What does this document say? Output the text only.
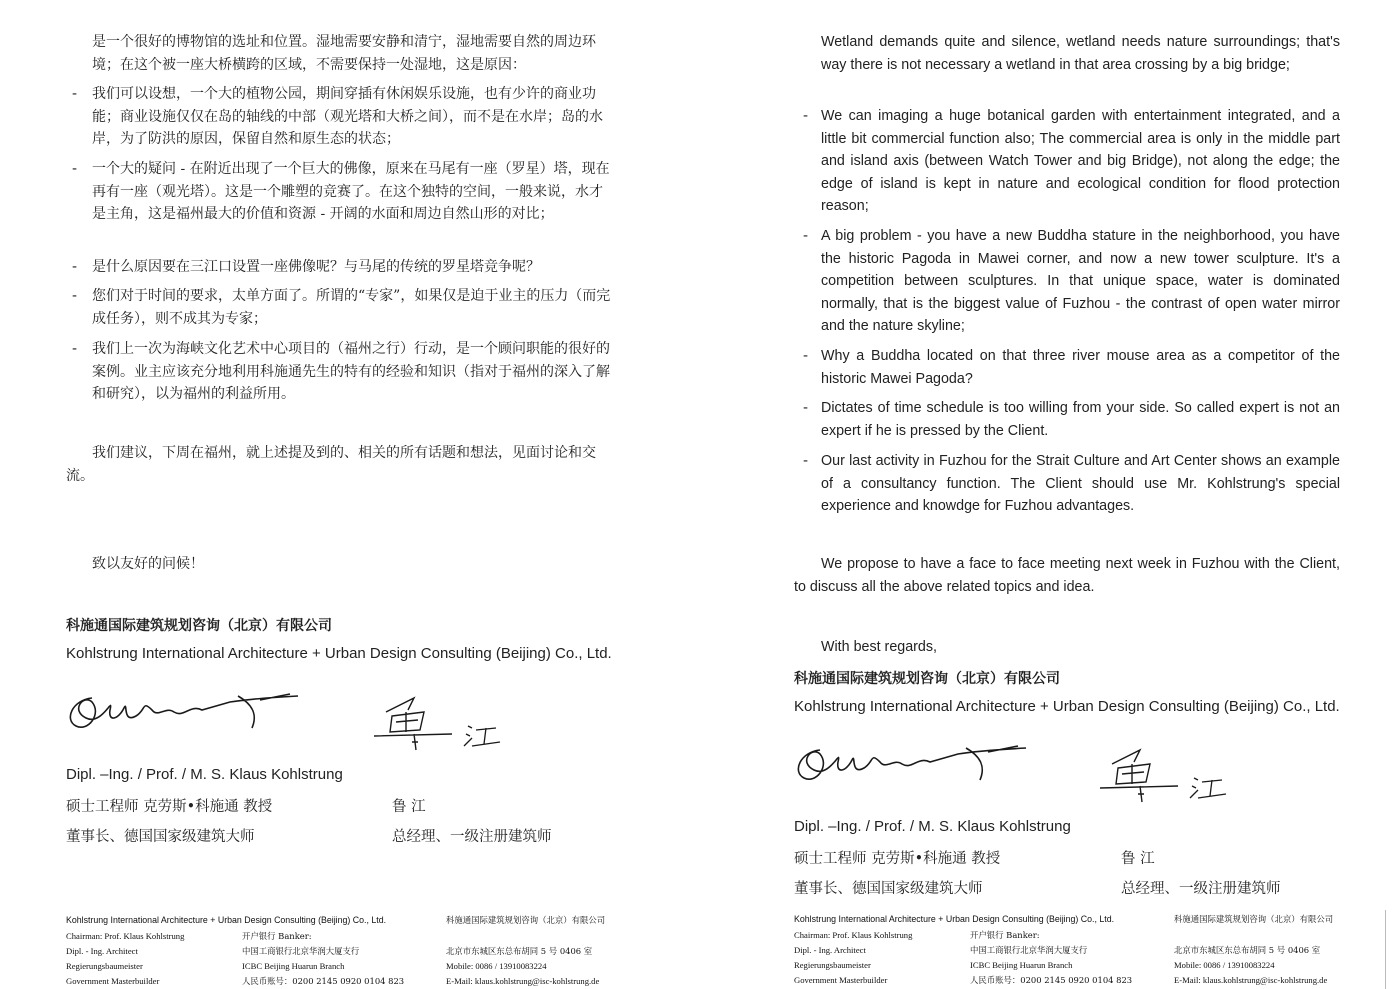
是一个很好的博物馆的选址和位置。湿地需要安静和清宁，湿地需要自然的周边环境；在这个被一座大桥横跨的区域，不需要保持一处湿地，这是原因：
- 我们可以设想，一个大的植物公园，期间穿插有休闲娱乐设施，也有少许的商业功能；商业设施仅仅在岛的轴线的中部（观光塔和大桥之间），而不是在水岸；岛的水岸，为了防洪的原因，保留自然和原生态的状态；
- 一个大的疑问 - 在附近出现了一个巨大的佛像，原来在马尾有一座（罗星）塔，现在再有一座（观光塔）。这是一个雕塑的竞赛了。在这个独特的空间，一般来说，水才是主角，这是福州最大的价值和资源 - 开阔的水面和周边自然山形的对比；
- 是什么原因要在三江口设置一座佛像呢？与马尾的传统的罗星塔竞争呢？
- 您们对于时间的要求，太单方面了。所谓的“专家”，如果仅是迫于业主的压力（而完成任务），则不成其为专家；
- 我们上一次为海峡文化艺术中心项目的（福州之行）行动，是一个顾问职能的很好的案例。业主应该充分地利用科施通先生的特有的经验和知识（指对于福州的深入了解和研究），以为福州的利益所用。
我们建议，下周在福州，就上述提及到的、相关的所有话题和想法，见面讨论和交流。
致以友好的问候！
科施通国际建筑规划咨询（北京）有限公司
Kohlstrung International Architecture + Urban Design Consulting (Beijing) Co., Ltd.
Dipl. –Ing. / Prof. / M. S. Klaus Kohlstrung
硕士工程师 克劳斯•科施通 教授
董事长、德国国家级建筑大师
鲁 江
总经理、一级注册建筑师
Kohlstrung International Architecture + Urban Design Consulting (Beijing) Co., Ltd.	科施通国际建筑规划咨询（北京）有限公司
Chairman: Prof. Klaus Kohlstrung
Dipl. - Ing. Architect
Regierungsbaumeister
Government Masterbuilder
开户银行 Banker:
中国工商银行北京华润大厦支行
ICBC Beijing Huarun Branch
人民币账号：0200 2145 0920 0104 823
北京市东城区东总布胡同 5 号 0406 室
Mobile: 0086 / 13910083224
E-Mail: klaus.kohlstrung@isc-kohlstrung.de
Wetland demands quite and silence, wetland needs nature surroundings; that's way there is not necessary a wetland in that area crossing by a big bridge;
- We can imaging a huge botanical garden with entertainment integrated, and a little bit commercial function also; The commercial area is only in the middle part and island axis (between Watch Tower and big Bridge), not along the edge; the edge of island is kept in nature and ecological condition for flood protection reason;
- A big problem - you have a new Buddha stature in the neighborhood, you have the historic Pagoda in Mawei corner, and now a new tower sculpture. It's a competition between sculptures. In that unique space, water is dominated normally, that is the biggest value of Fuzhou - the contrast of open water mirror and the nature skyline;
- Why a Buddha located on that three river mouse area as a competitor of the historic Mawei Pagoda?
- Dictates of time schedule is too willing from your side. So called expert is not an expert if he is pressed by the Client.
- Our last activity in Fuzhou for the Strait Culture and Art Center shows an example of a consultancy function. The Client should use Mr. Kohlstrung's special experience and knowdge for Fuzhou advantages.
We propose to have a face to face meeting next week in Fuzhou with the Client, to discuss all the above related topics and idea.
With best regards,
科施通国际建筑规划咨询（北京）有限公司
Kohlstrung International Architecture + Urban Design Consulting (Beijing) Co., Ltd.
Dipl. –Ing. / Prof. / M. S. Klaus Kohlstrung
硕士工程师 克劳斯•科施通 教授
董事长、德国国家级建筑大师
鲁 江
总经理、一级注册建筑师
Kohlstrung International Architecture + Urban Design Consulting (Beijing) Co., Ltd.	科施通国际建筑规划咨询（北京）有限公司
Chairman: Prof. Klaus Kohlstrung
Dipl. - Ing. Architect
Regierungsbaumeister
Government Masterbuilder
开户银行 Banker:
中国工商银行北京华润大厦支行
ICBC Beijing Huarun Branch
人民币账号：0200 2145 0920 0104 823
北京市东城区东总布胡同 5 号 0406 室
Mobile: 0086 / 13910083224
E-Mail: klaus.kohlstrung@isc-kohlstrung.de
